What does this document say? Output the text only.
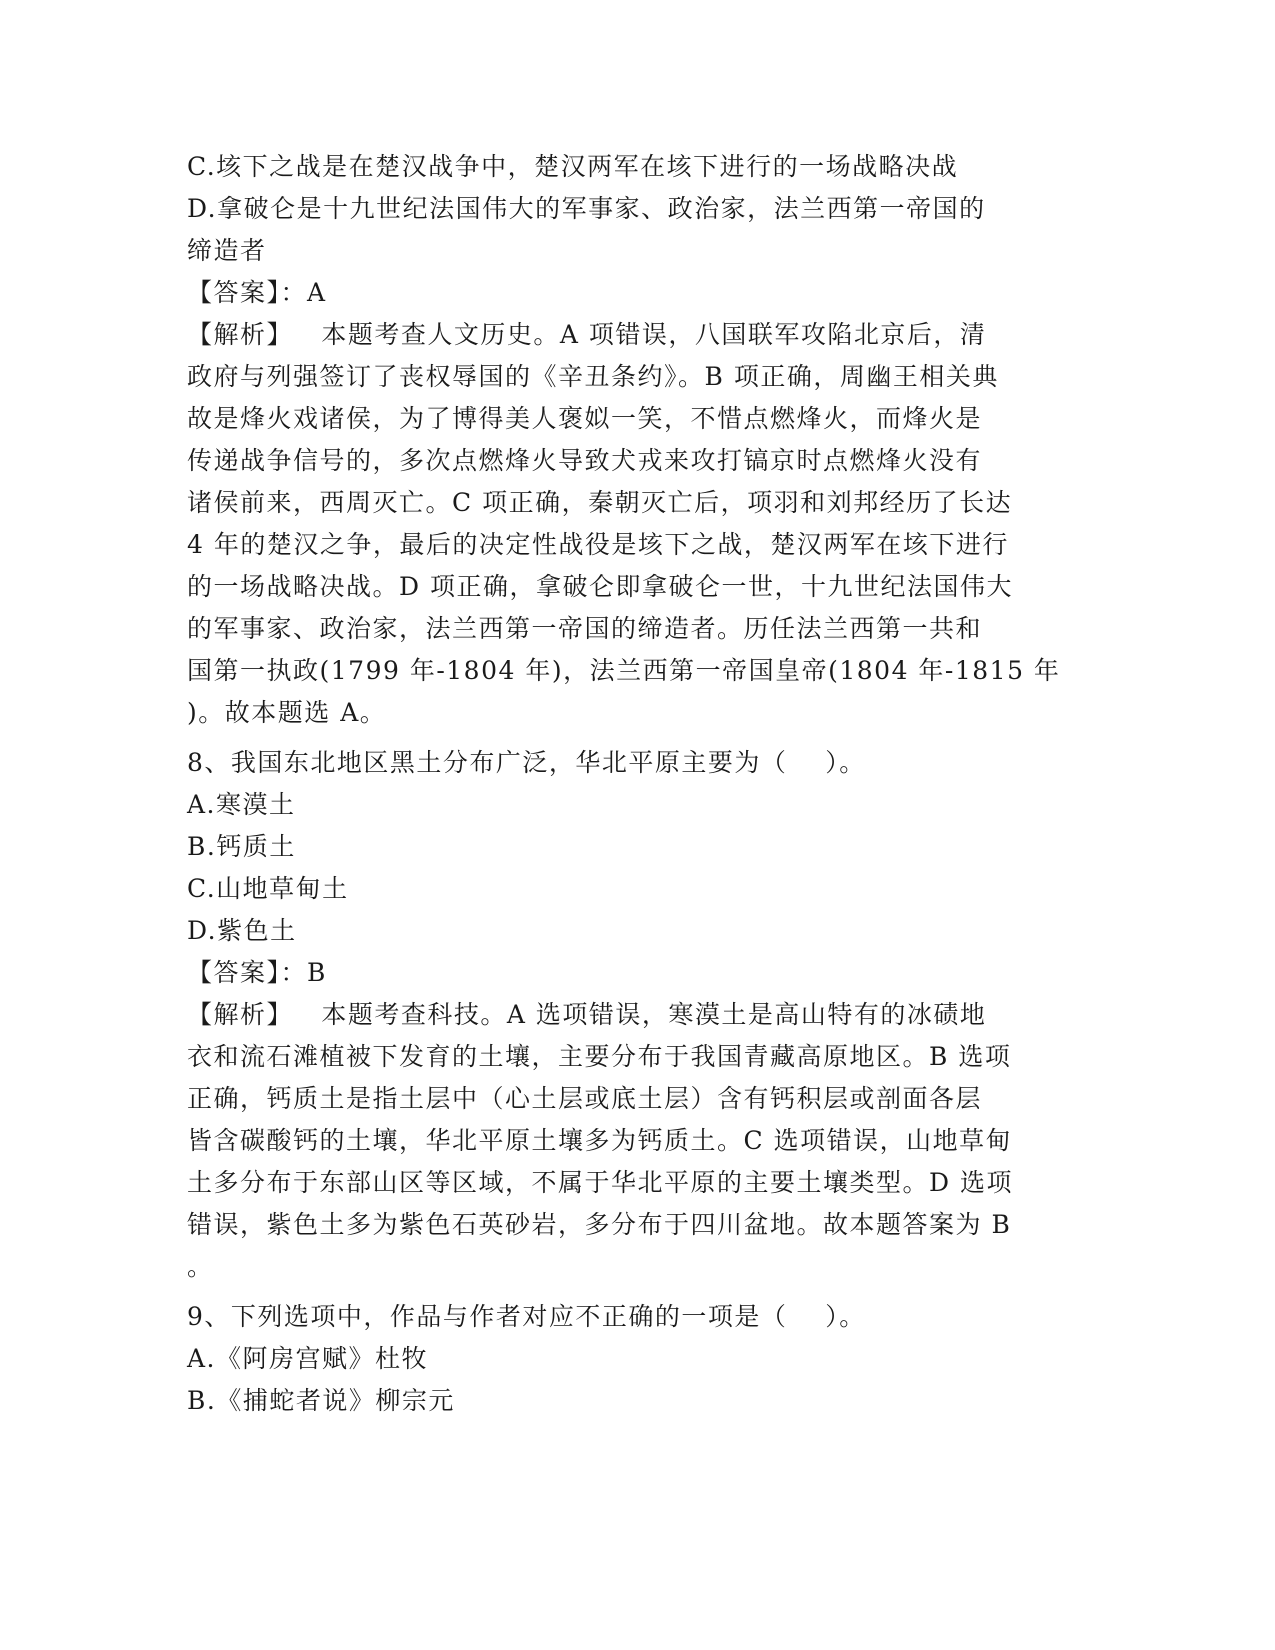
C.垓下之战是在楚汉战争中，楚汉两军在垓下进行的一场战略决战
D.拿破仑是十九世纪法国伟大的军事家、政治家，法兰西第一帝国的
缔造者
【答案】：A
【解析】   本题考查人文历史。A 项错误，八国联军攻陷北京后，清
政府与列强签订了丧权辱国的《辛丑条约》。B 项正确，周幽王相关典
故是烽火戏诸侯，为了博得美人褒姒一笑，不惜点燃烽火，而烽火是
传递战争信号的，多次点燃烽火导致犬戎来攻打镐京时点燃烽火没有
诸侯前来，西周灭亡。C 项正确，秦朝灭亡后，项羽和刘邦经历了长达
4 年的楚汉之争，最后的决定性战役是垓下之战，楚汉两军在垓下进行
的一场战略决战。D 项正确，拿破仑即拿破仑一世，十九世纪法国伟大
的军事家、政治家，法兰西第一帝国的缔造者。历任法兰西第一共和
国第一执政(1799 年-1804 年)，法兰西第一帝国皇帝(1804 年-1815 年
)。故本题选 A。
8、我国东北地区黑土分布广泛，华北平原主要为（    ）。
A.寒漠土
B.钙质土
C.山地草甸土
D.紫色土
【答案】：B
【解析】   本题考查科技。A 选项错误，寒漠土是高山特有的冰碛地
衣和流石滩植被下发育的土壤，主要分布于我国青藏高原地区。B 选项
正确，钙质土是指土层中（心土层或底土层）含有钙积层或剖面各层
皆含碳酸钙的土壤，华北平原土壤多为钙质土。C 选项错误，山地草甸
土多分布于东部山区等区域，不属于华北平原的主要土壤类型。D 选项
错误，紫色土多为紫色石英砂岩，多分布于四川盆地。故本题答案为 B
。
9、下列选项中，作品与作者对应不正确的一项是（    ）。
A.《阿房宫赋》杜牧
B.《捕蛇者说》柳宗元
